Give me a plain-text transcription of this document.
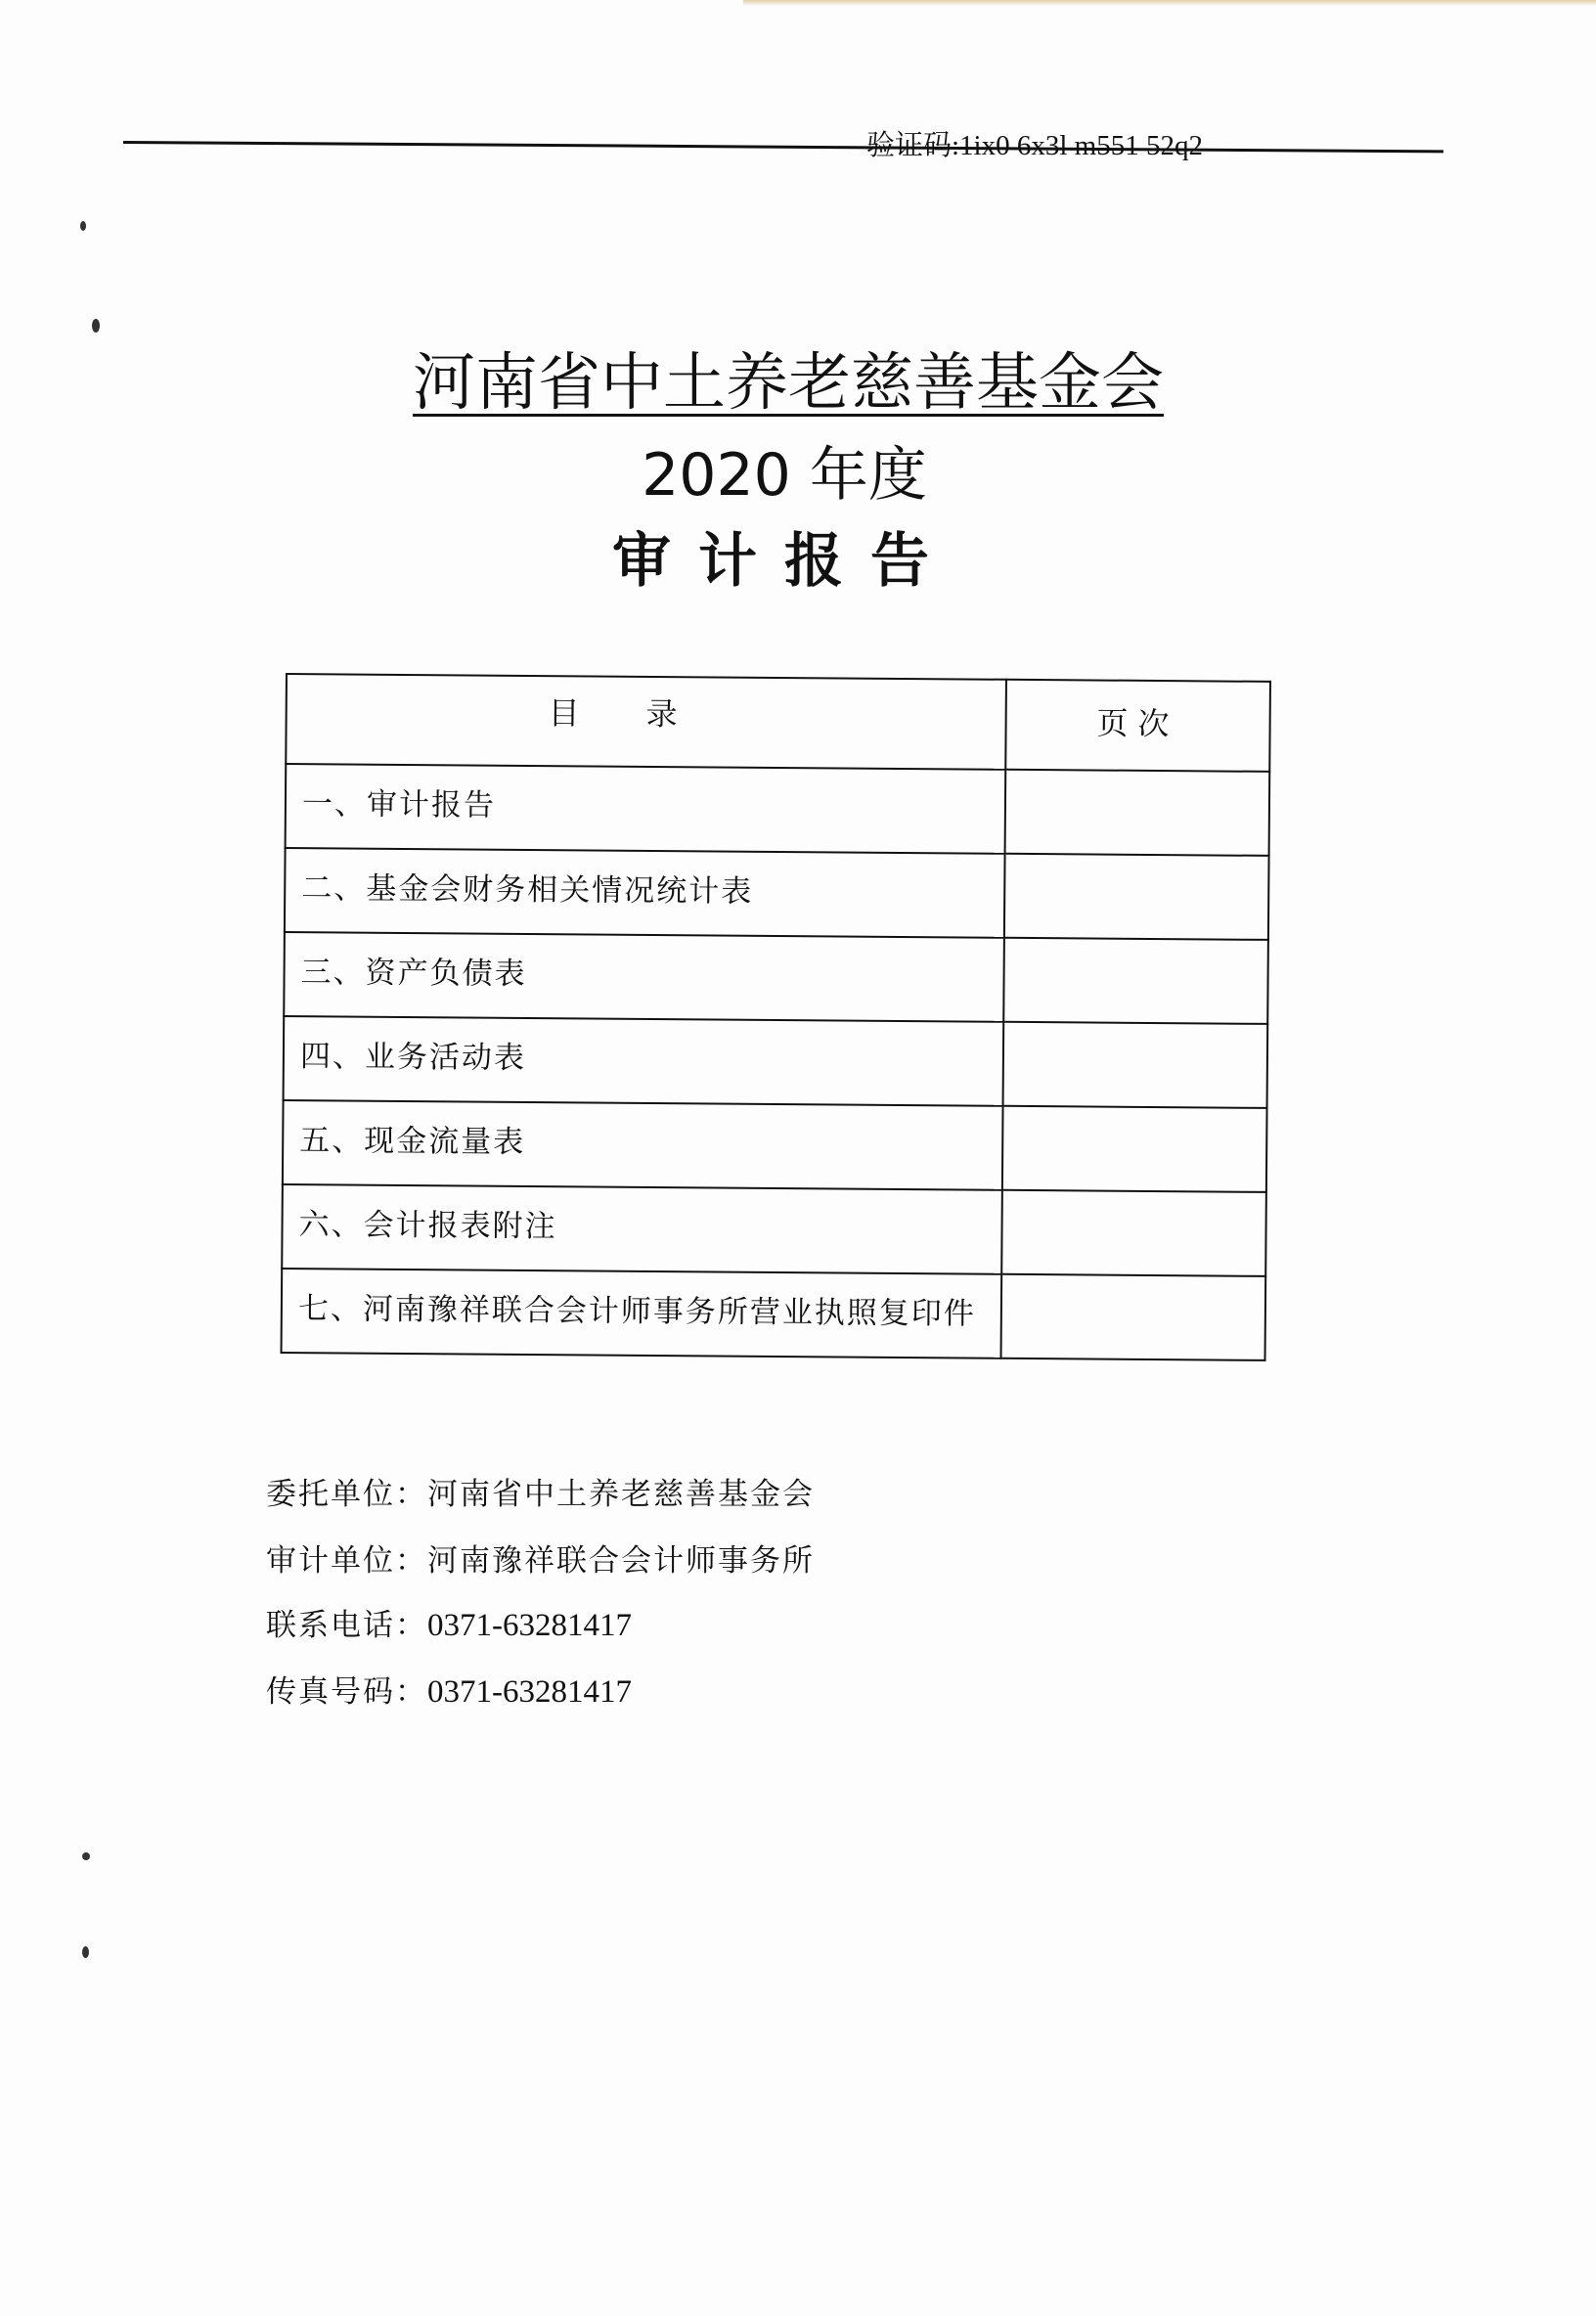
验证码:1ix0 6x3l m551 52q2
河南省中土养老慈善基金会
2020 年度
审计报告
目录	页次
一、审计报告	
二、基金会财务相关情况统计表	
三、资产负债表	
四、业务活动表	
五、现金流量表	
六、会计报表附注	
七、河南豫祥联合会计师事务所营业执照复印件	
委托单位：河南省中土养老慈善基金会
审计单位：河南豫祥联合会计师事务所
联系电话：0371-63281417
传真号码：0371-63281417
